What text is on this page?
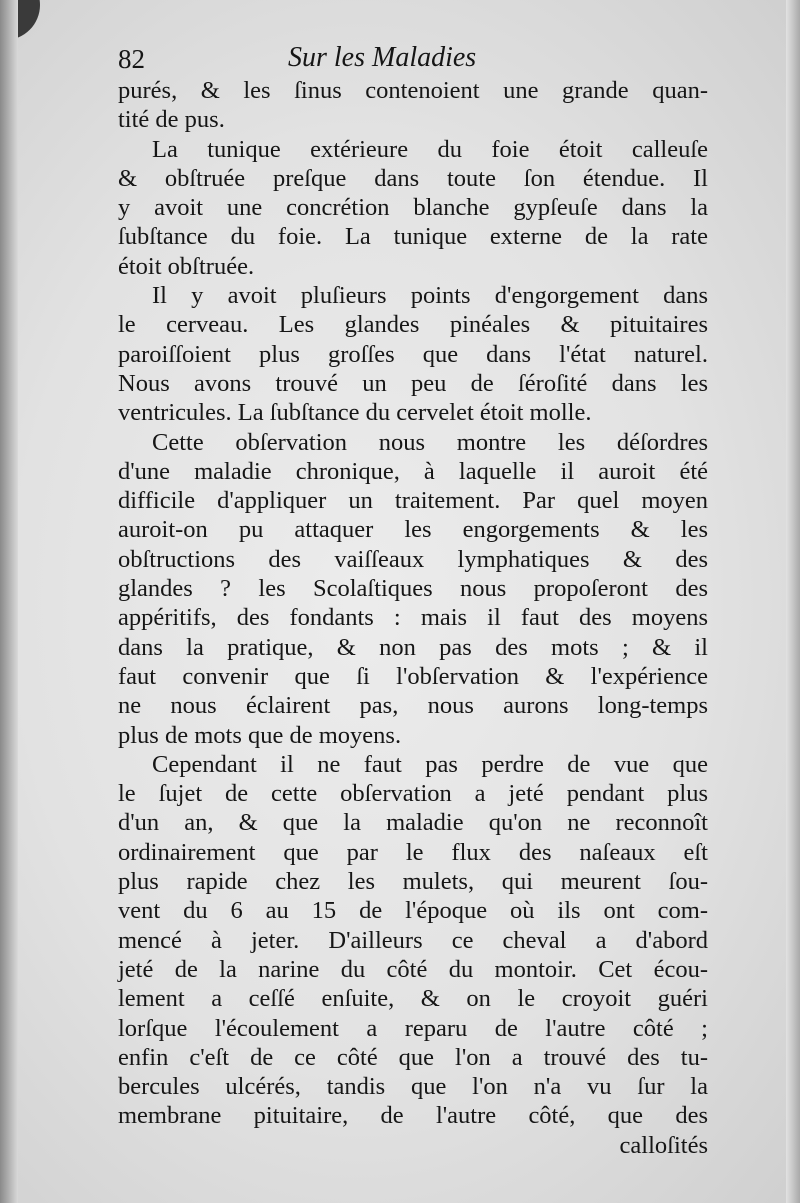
82	Sur les Maladies
purés, & les ſinus contenoient une grande quan-
tité de pus.
La tunique extérieure du foie étoit calleuſe
& obſtruée preſque dans toute ſon étendue. Il
y avoit une concrétion blanche gypſeuſe dans la
ſubſtance du foie. La tunique externe de la rate
étoit obſtruée.
Il y avoit pluſieurs points d'engorgement dans
le cerveau. Les glandes pinéales & pituitaires
paroiſſoient plus groſſes que dans l'état naturel.
Nous avons trouvé un peu de ſéroſité dans les
ventricules. La ſubſtance du cervelet étoit molle.
Cette obſervation nous montre les déſordres
d'une maladie chronique, à laquelle il auroit été
difficile d'appliquer un traitement. Par quel moyen
auroit-on pu attaquer les engorgements & les
obſtructions des vaiſſeaux lymphatiques & des
glandes ? les Scolaſtiques nous propoſeront des
appéritifs, des fondants : mais il faut des moyens
dans la pratique, & non pas des mots ; & il
faut convenir que ſi l'obſervation & l'expérience
ne nous éclairent pas, nous aurons long-temps
plus de mots que de moyens.
Cependant il ne faut pas perdre de vue que
le ſujet de cette obſervation a jeté pendant plus
d'un an, & que la maladie qu'on ne reconnoît
ordinairement que par le flux des naſeaux eſt
plus rapide chez les mulets, qui meurent ſou-
vent du 6 au 15 de l'époque où ils ont com-
mencé à jeter. D'ailleurs ce cheval a d'abord
jeté de la narine du côté du montoir. Cet écou-
lement a ceſſé enſuite, & on le croyoit guéri
lorſque l'écoulement a reparu de l'autre côté ;
enfin c'eſt de ce côté que l'on a trouvé des tu-
bercules ulcérés, tandis que l'on n'a vu ſur la
membrane pituitaire, de l'autre côté, que des
calloſités
